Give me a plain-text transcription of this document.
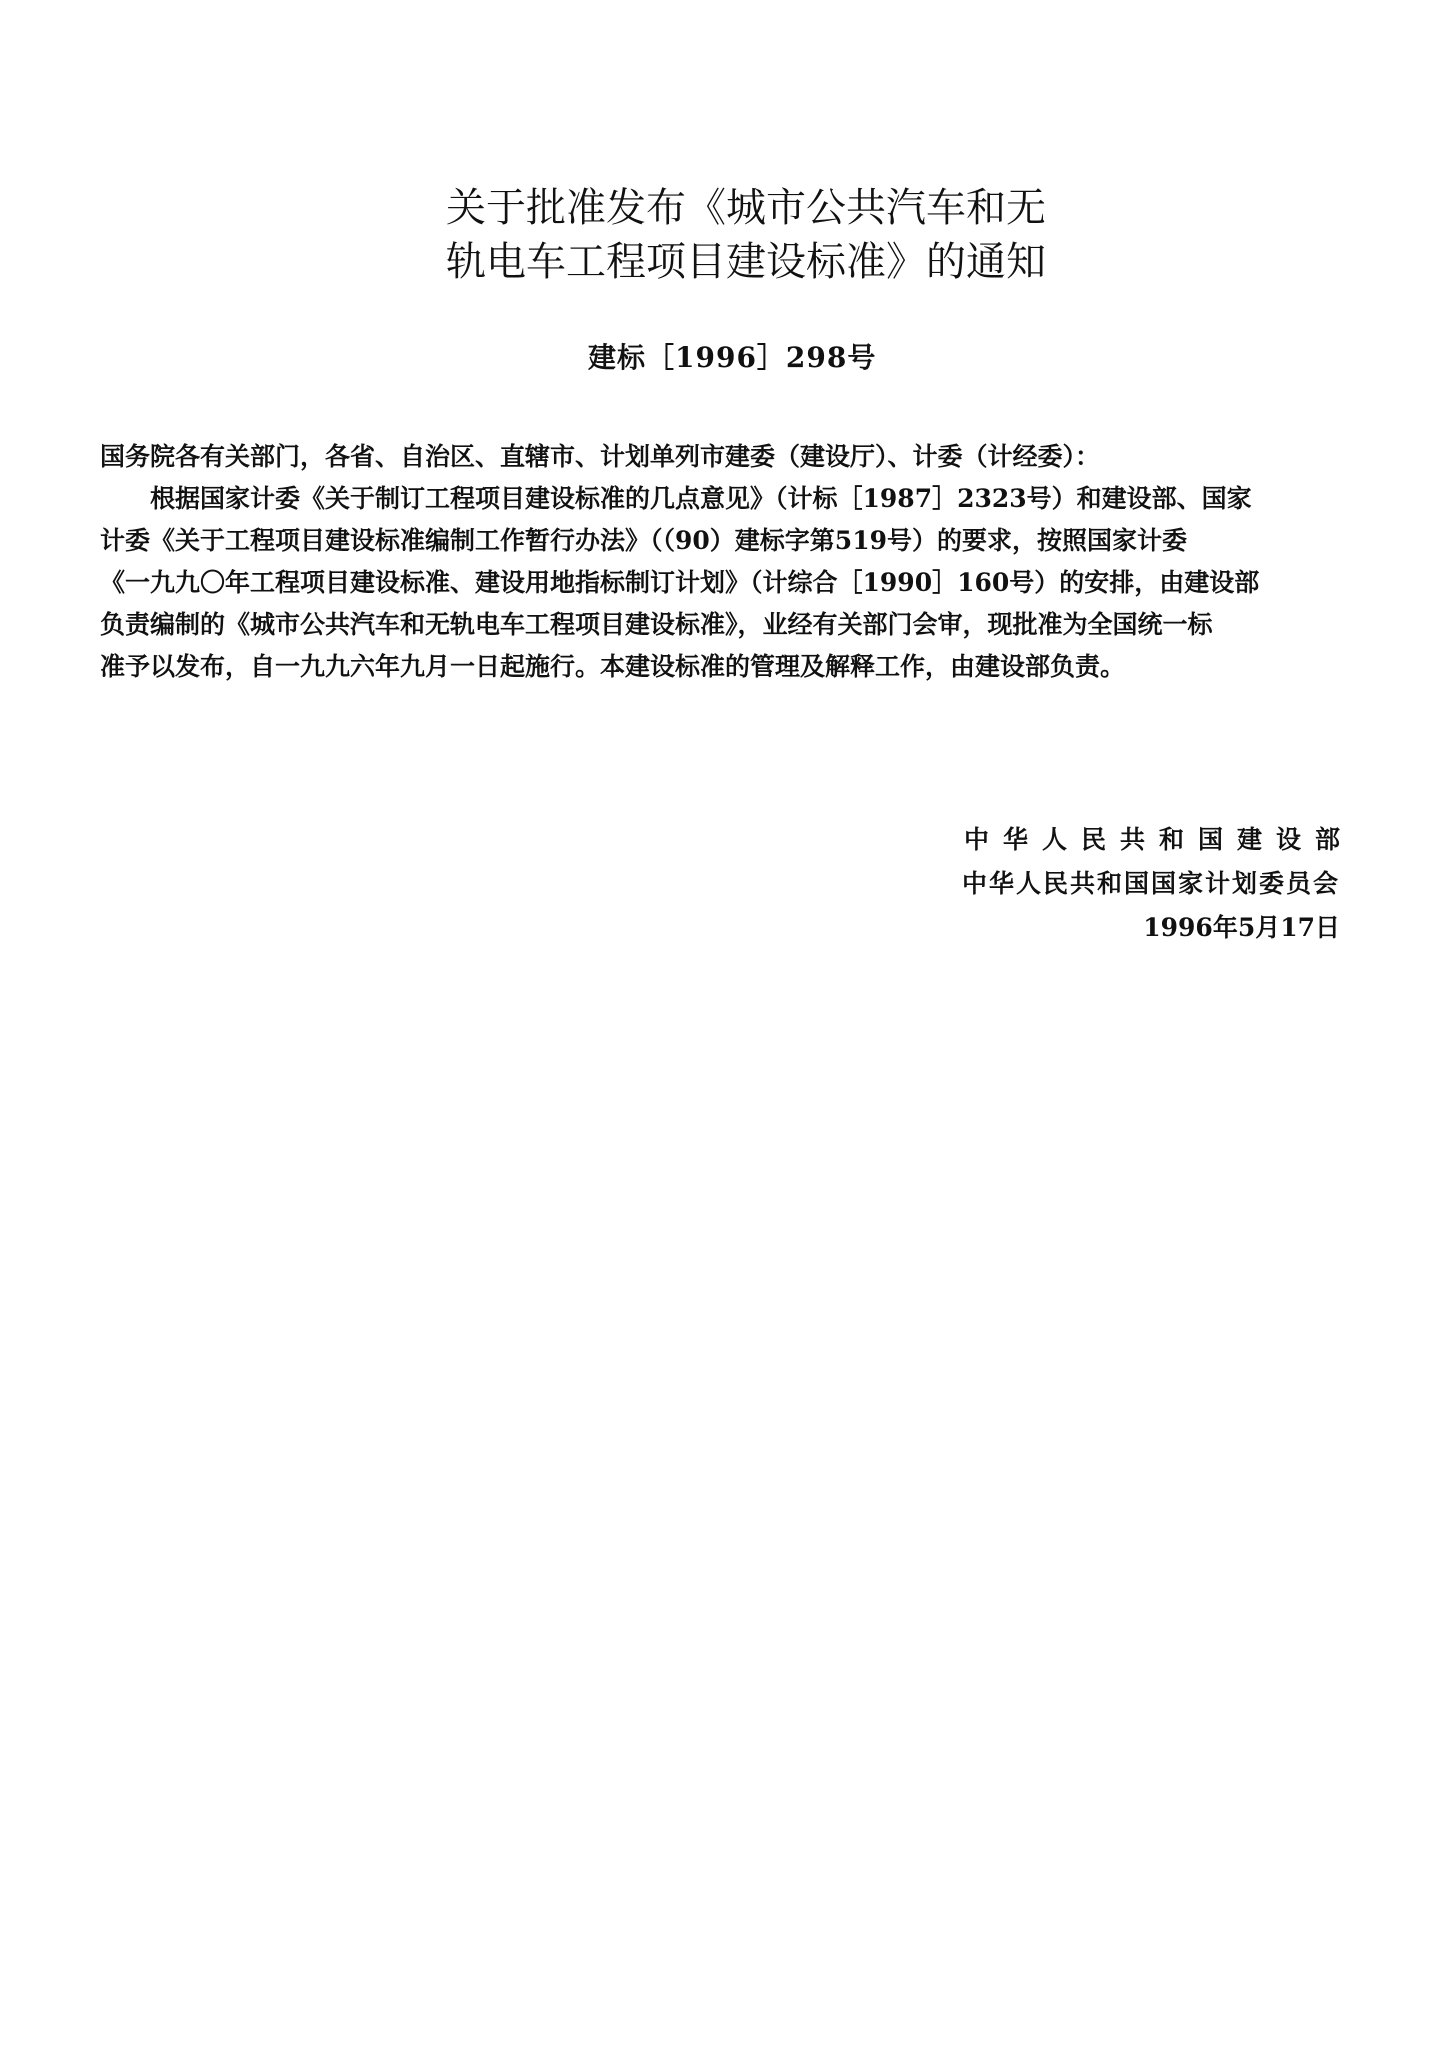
关于批准发布《城市公共汽车和无
轨电车工程项目建设标准》的通知
建标［1996］298号
国务院各有关部门，各省、自治区、直辖市、计划单列市建委（建设厅）、计委（计经委）：
根据国家计委《关于制订工程项目建设标准的几点意见》（计标［1987］2323号）和建设部、国家
计委《关于工程项目建设标准编制工作暂行办法》（（90）建标字第519号）的要求，按照国家计委
《一九九〇年工程项目建设标准、建设用地指标制订计划》（计综合［1990］160号）的安排，由建设部
负责编制的《城市公共汽车和无轨电车工程项目建设标准》，业经有关部门会审，现批准为全国统一标
准予以发布，自一九九六年九月一日起施行。本建设标准的管理及解释工作，由建设部负责。
中华人民共和国建设部
中华人民共和国国家计划委员会
1996年5月17日
